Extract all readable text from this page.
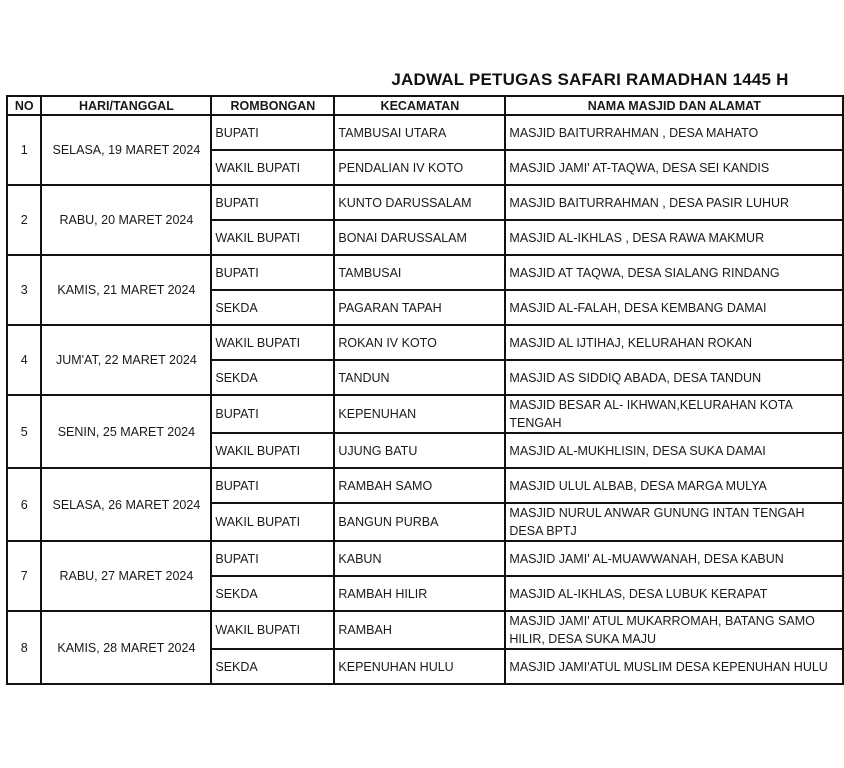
JADWAL PETUGAS SAFARI RAMADHAN 1445 H
NO	HARI/TANGGAL	ROMBONGAN	KECAMATAN	NAMA MASJID DAN ALAMAT	
1	SELASA, 19 MARET 2024	BUPATI	TAMBUSAI UTARA	MASJID BAITURRAHMAN , DESA MAHATO	
		WAKIL BUPATI	PENDALIAN IV KOTO	MASJID JAMI' AT-TAQWA, DESA SEI KANDIS	
2	RABU, 20 MARET 2024	BUPATI	KUNTO DARUSSALAM	MASJID BAITURRAHMAN , DESA PASIR LUHUR	
		WAKIL BUPATI	BONAI DARUSSALAM	MASJID AL-IKHLAS , DESA RAWA MAKMUR	
3	KAMIS, 21 MARET 2024	BUPATI	TAMBUSAI	MASJID AT TAQWA, DESA SIALANG RINDANG	
		SEKDA	PAGARAN TAPAH	MASJID AL-FALAH, DESA KEMBANG DAMAI	
4	JUM'AT, 22 MARET 2024	WAKIL BUPATI	ROKAN IV KOTO	MASJID AL IJTIHAJ, KELURAHAN ROKAN	
		SEKDA	TANDUN	MASJID AS SIDDIQ ABADA, DESA TANDUN	
5	SENIN, 25 MARET 2024	BUPATI	KEPENUHAN	MASJID BESAR AL- IKHWAN,KELURAHAN KOTA TENGAH	
		WAKIL BUPATI	UJUNG BATU	MASJID AL-MUKHLISIN, DESA SUKA DAMAI	
6	SELASA, 26 MARET 2024	BUPATI	RAMBAH SAMO	MASJID ULUL ALBAB, DESA MARGA MULYA	
		WAKIL BUPATI	BANGUN PURBA	MASJID NURUL ANWAR GUNUNG INTAN TENGAH DESA BPTJ	
7	RABU, 27 MARET 2024	BUPATI	KABUN	MASJID JAMI' AL-MUAWWANAH, DESA KABUN	
		SEKDA	RAMBAH HILIR	MASJID AL-IKHLAS, DESA LUBUK KERAPAT	
8	KAMIS, 28 MARET 2024	WAKIL BUPATI	RAMBAH	MASJID JAMI' ATUL MUKARROMAH, BATANG SAMO HILIR, DESA SUKA MAJU	
		SEKDA	KEPENUHAN HULU	MASJID JAMI'ATUL MUSLIM DESA KEPENUHAN HULU	
